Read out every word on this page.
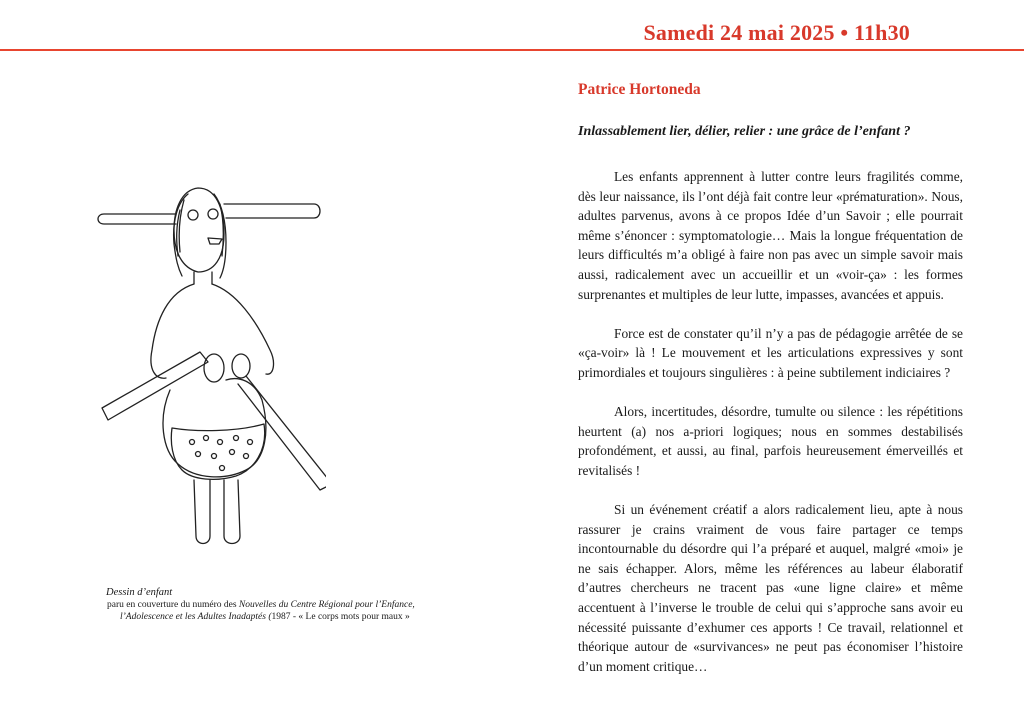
Samedi 24 mai 2025 • 11h30
Dessin d’enfant
paru en couverture du numéro des Nouvelles du Centre Régional pour l’Enfance,
l’Adolescence et les Adultes Inadaptés (1987 - « Le corps mots pour maux »
Patrice Hortoneda
Inlassablement lier, délier, relier : une grâce de l’enfant ?

Les enfants apprennent à lutter contre leurs fragilités comme, dès leur naissance, ils l’ont déjà fait contre leur «prématuration». Nous, adultes parvenus, avons à ce propos Idée d’un Savoir ; elle pourrait même s’énoncer : symptomatologie… Mais la longue fréquentation de leurs difficultés m’a obligé à faire non pas avec un simple savoir mais aussi, radicalement avec un accueillir et un «voir-ça» : les formes surprenantes et multiples de leur lutte, impasses, avancées et appuis.

Force est de constater qu’il n’y a pas de pédagogie arrêtée de se «ça-voir» là ! Le mouvement et les articulations expressives y sont primordiales et toujours singulières : à peine subtilement indiciaires ?

Alors, incertitudes, désordre, tumulte ou silence : les répétitions heurtent (a) nos a-priori logiques; nous en sommes destabilisés profondément, et aussi, au final, parfois heureusement émerveillés et revitalisés !

Si un événement créatif a alors radicalement lieu, apte à nous rassurer je crains vraiment de vous faire partager ce temps incontournable du désordre qui l’a préparé et auquel, malgré «moi» je ne sais échapper. Alors, même les références au labeur élaboratif d’autres chercheurs ne tracent pas «une ligne claire» et même accentuent à l’inverse le trouble de celui qui s’approche sans avoir eu nécessité puissante d’exhumer ces apports ! Ce travail, relationnel et théorique autour de «survivances» ne peut pas économiser l’histoire d’un moment critique…
